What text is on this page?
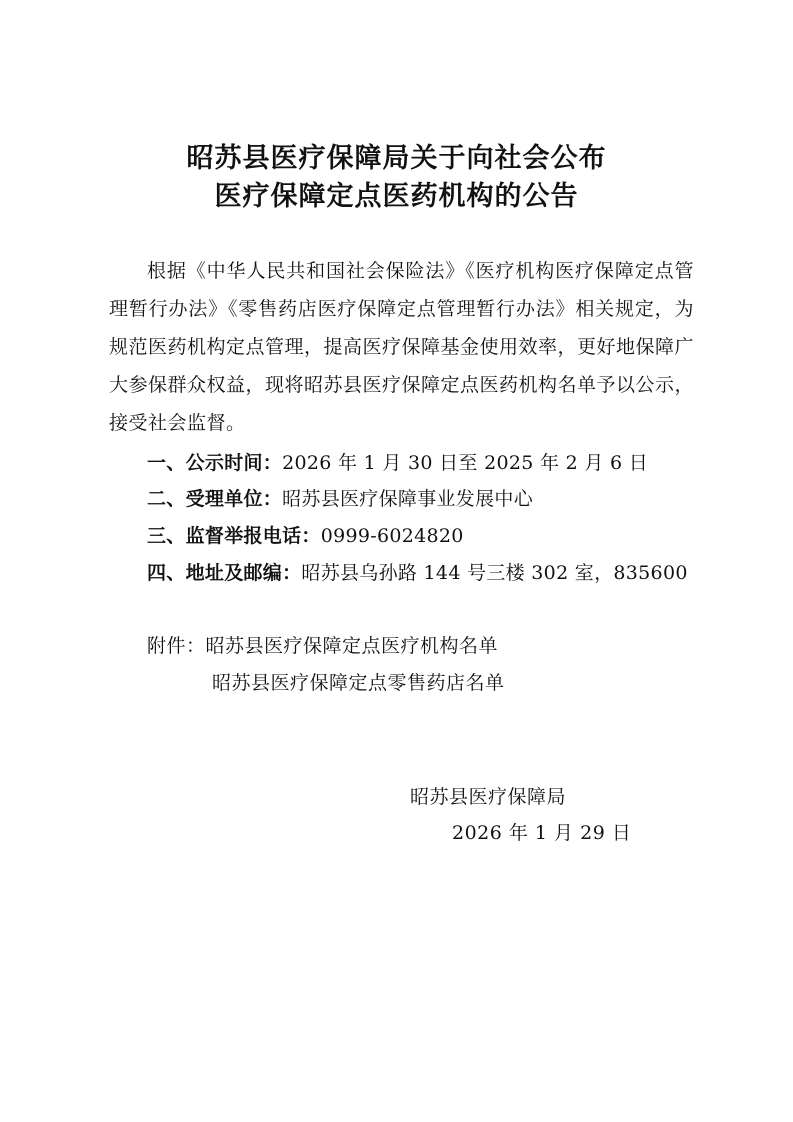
昭苏县医疗保障局关于向社会公布
医疗保障定点医药机构的公告

根据《中华人民共和国社会保险法》《医疗机构医疗保障定点管理暂行办法》《零售药店医疗保障定点管理暂行办法》相关规定，为规范医药机构定点管理，提高医疗保障基金使用效率，更好地保障广大参保群众权益，现将昭苏县医疗保障定点医药机构名单予以公示，接受社会监督。

一、公示时间：2026 年 1 月 30 日至 2025 年 2 月 6 日
二、受理单位：昭苏县医疗保障事业发展中心
三、监督举报电话：0999-6024820
四、地址及邮编：昭苏县乌孙路 144 号三楼 302 室，835600
附件：昭苏县医疗保障定点医疗机构名单
昭苏县医疗保障定点零售药店名单
昭苏县医疗保障局
2026 年 1 月 29 日
